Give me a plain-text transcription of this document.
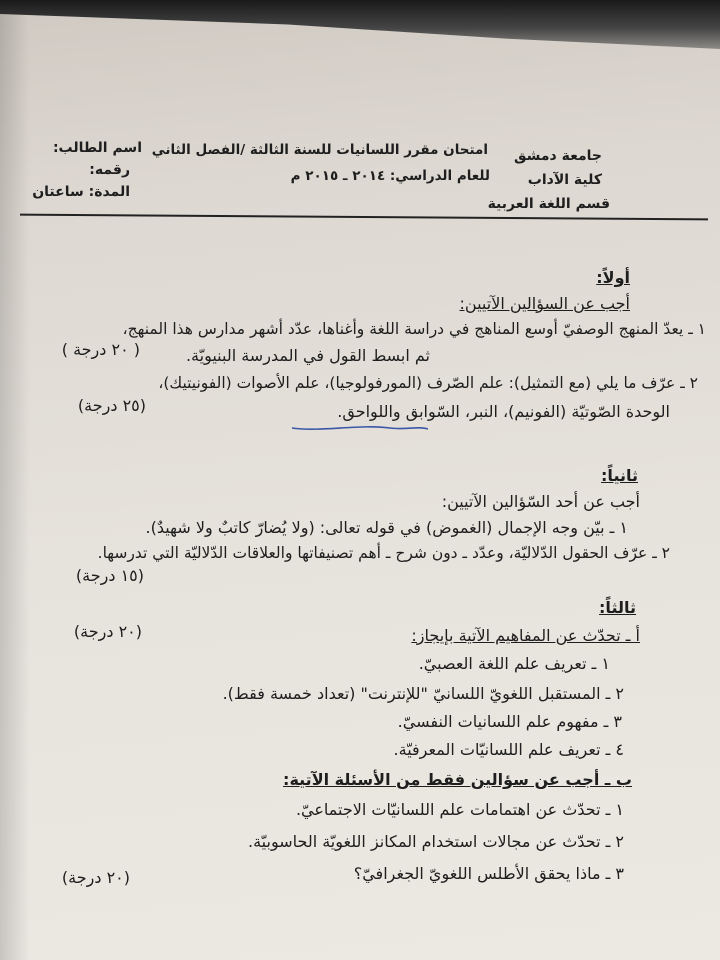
جامعة دمشق
كلية الآداب
قسم اللغة العربية
امتحان مقرر اللسانيات للسنة الثالثة /الفصل الثاني
للعام الدراسي: ٢٠١٤ ـ ٢٠١٥ م
اسم الطالب:
رقمه:
المدة: ساعتان
أولاً:
أجب عن السؤالين الآتيين:
١ ـ يعدّ المنهج الوصفيّ أوسع المناهج في دراسة اللغة وأغناها، عدّد أشهر مدارس هذا المنهج،
ثم ابسط القول في المدرسة البنيويّة.
( ٢٠ درجة )
٢ ـ عرّف ما يلي (مع التمثيل): علم الصّرف (المورفولوجيا)، علم الأصوات (الفونيتيك)،
الوحدة الصّوتيّة (الفونيم)، النبر، السّوابق واللواحق.
(٢٥ درجة)
ثانياً:
أجب عن أحد السّؤالين الآتيين:
١ ـ بيّن وجه الإجمال (الغموض) في قوله تعالى: (ولا يُضارّ كاتبٌ ولا شهيدٌ).
٢ ـ عرّف الحقول الدّلاليّة، وعدّد ـ دون شرح ـ أهم تصنيفاتها والعلاقات الدّلاليّة التي تدرسها.
(١٥ درجة)
ثالثاً:
أ ـ تحدّث عن المفاهيم الآتية بإيجاز:
(٢٠ درجة)
١ ـ تعريف علم اللغة العصبيّ.
٢ ـ المستقبل اللغويّ اللسانيّ "للإنترنت" (تعداد خمسة فقط).
٣ ـ مفهوم علم اللسانيات النفسيّ.
٤ ـ تعريف علم اللسانيّات المعرفيّة.
ب ـ أجب عن سؤالين فقط من الأسئلة الآتية:
١ ـ تحدّث عن اهتمامات علم اللسانيّات الاجتماعيّ.
٢ ـ تحدّث عن مجالات استخدام المكانز اللغويّة الحاسوبيّة.
٣ ـ ماذا يحقق الأطلس اللغويّ الجغرافيّ؟
(٢٠ درجة)
